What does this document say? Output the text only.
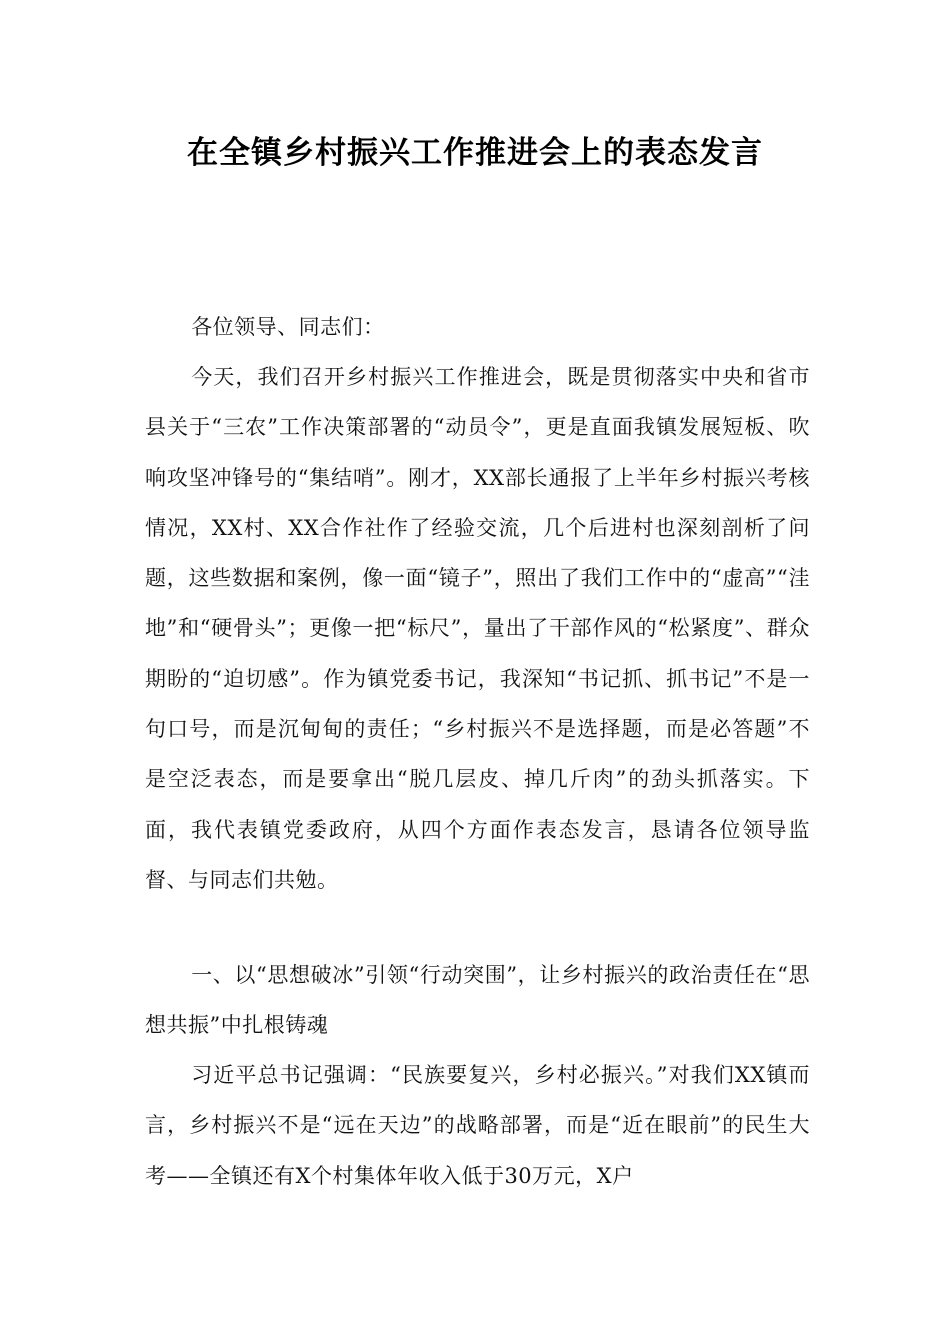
在全镇乡村振兴工作推进会上的表态发言

各位领导、同志们：

今天，我们召开乡村振兴工作推进会，既是贯彻落实中央和省市县关于“三农”工作决策部署的“动员令”，更是直面我镇发展短板、吹响攻坚冲锋号的“集结哨”。刚才，XX部长通报了上半年乡村振兴考核情况，XX村、XX合作社作了经验交流，几个后进村也深刻剖析了问题，这些数据和案例，像一面“镜子”，照出了我们工作中的“虚高”“洼地”和“硬骨头”；更像一把“标尺”，量出了干部作风的“松紧度”、群众期盼的“迫切感”。作为镇党委书记，我深知“书记抓、抓书记”不是一句口号，而是沉甸甸的责任；“乡村振兴不是选择题，而是必答题”不是空泛表态，而是要拿出“脱几层皮、掉几斤肉”的劲头抓落实。下面，我代表镇党委政府，从四个方面作表态发言，恳请各位领导监督、与同志们共勉。

一、以“思想破冰”引领“行动突围”，让乡村振兴的政治责任在“思想共振”中扎根铸魂

习近平总书记强调：“民族要复兴，乡村必振兴。”对我们XX镇而言，乡村振兴不是“远在天边”的战略部署，而是“近在眼前”的民生大考——全镇还有X个村集体年收入低于30万元，X户
